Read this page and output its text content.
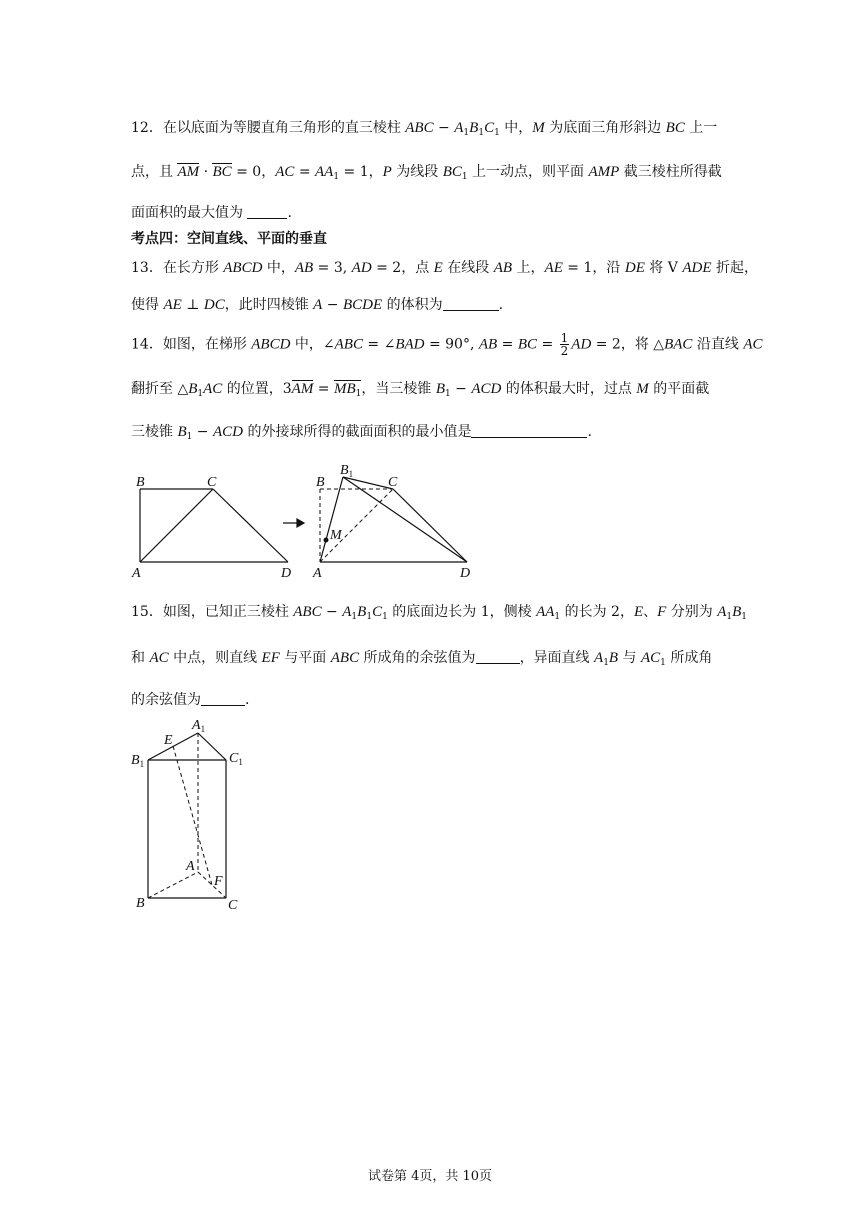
12．在以底面为等腰直角三角形的直三棱柱 ABC − $A_1B_1C_1$ 中，M 为底面三角形斜边 BC 上一
点，且 AM · BC = 0，AC = $AA_1 = 1$，P 为线段 $BC_1$ 上一动点，则平面 AMP 截三棱柱所得截
面面积的最大值为	.
考点四：空间直线、平面的垂直
13．在长方形 ABCD 中，AB = 3, AD = 2，点 E 在线段 AB 上，AE = 1，沿 DE 将 V ADE 折起，
使得 AE ⊥ DC，此时四棱锥 A − BCDE 的体积为	.
14．如图，在梯形 ABCD 中，∠ABC = ∠BAD = 90°, AB = BC = $\frac{1}{2}$ AD = 2，将 △BAC 沿直线 AC
翻折至 $\triangle B_1AC$ 的位置，$3AM = MB_1$，当三棱锥 $B_1$ − ACD 的体积最大时，过点 M 的平面截
三棱锥 $B_1$ − ACD 的外接球所得的截面面积的最小值是	.
B	C
A	D
$B_1$
B	C
M
A	D
15．如图，已知正三棱柱 ABC − $A_1B_1C_1$ 的底面边长为 1，侧棱 $AA_1$ 的长为 2，E、F 分别为 $A_1B_1$
和 AC 中点，则直线 EF 与平面 ABC 所成角的余弦值为	，异面直线 $A_1B$ 与 $AC_1$ 所成角
的余弦值为	.
$A_1$
E
$B_1$	$C_1$
A
F
B	C
试卷第 4页，共 10页
